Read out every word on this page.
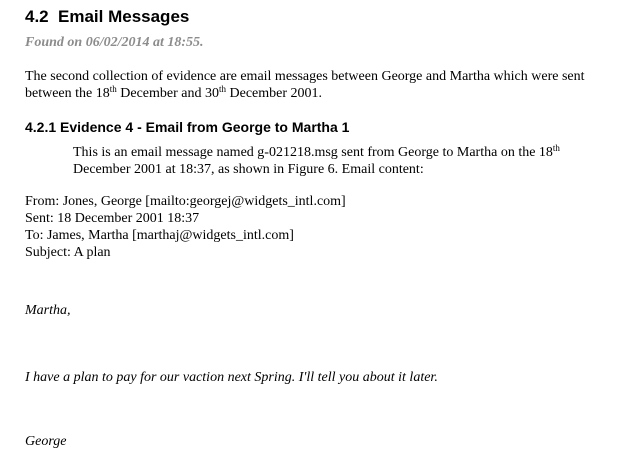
4.2 Email Messages
Found on 06/02/2014 at 18:55.
The second collection of evidence are email messages between George and Martha which were sent between the 18th December and 30th December 2001.
4.2.1 Evidence 4 - Email from George to Martha 1
This is an email message named g-021218.msg sent from George to Martha on the 18th December 2001 at 18:37, as shown in Figure 6. Email content:
From: Jones, George [mailto:georgej@widgets_intl.com]
Sent: 18 December 2001 18:37
To: James, Martha [marthaj@widgets_intl.com]
Subject: A plan
Martha,
I have a plan to pay for our vaction next Spring. I'll tell you about it later.
George
